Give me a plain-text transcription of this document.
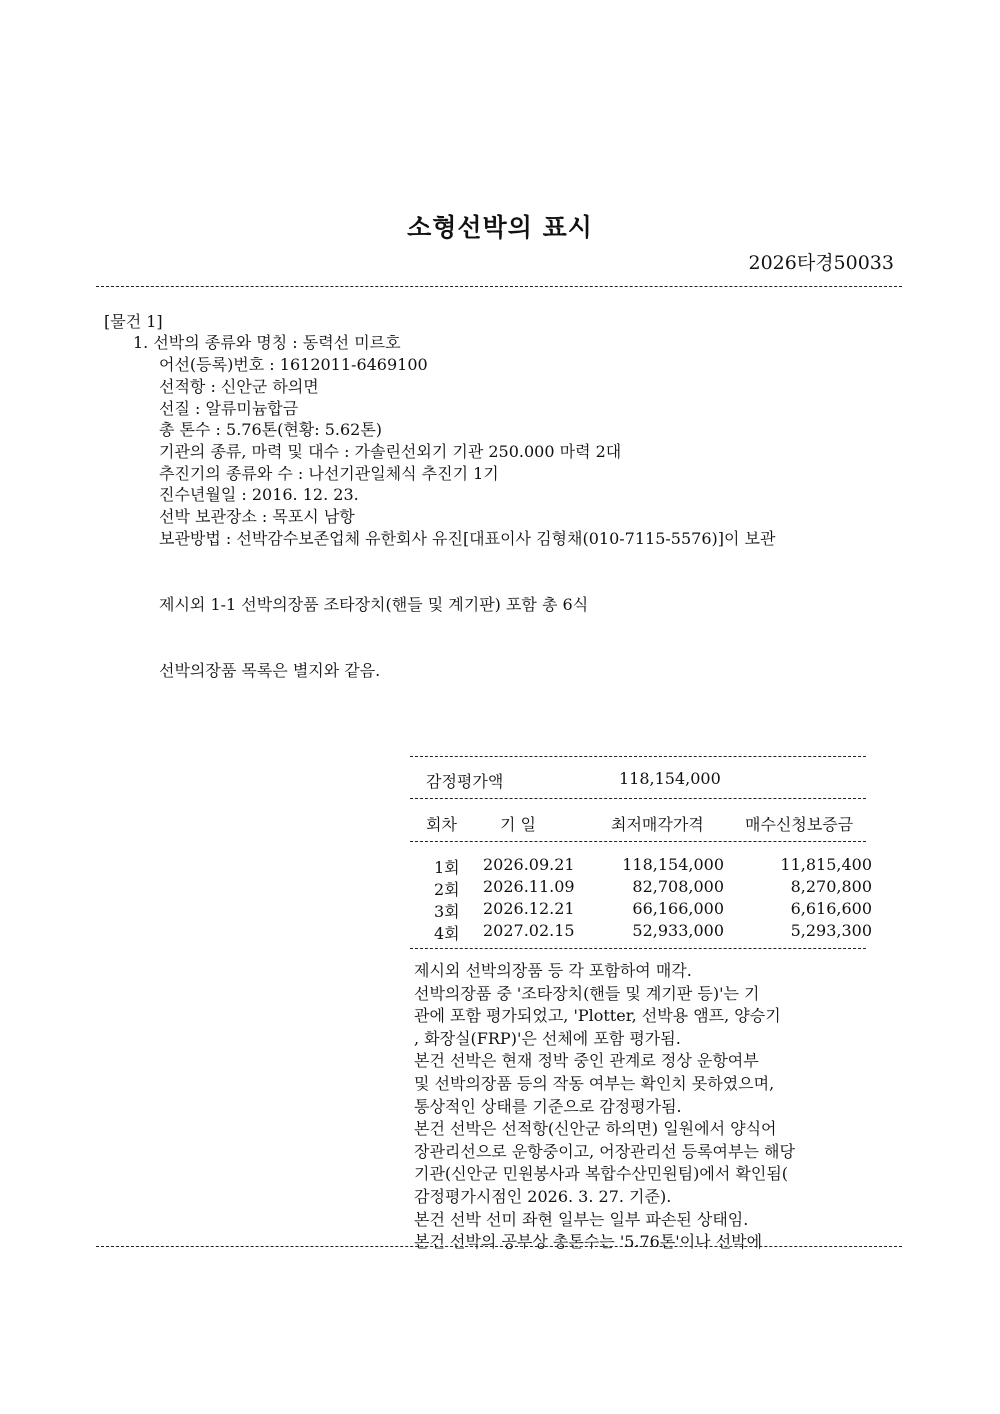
소형선박의 표시
2026타경50033
[물건 1]
1. 선박의 종류와 명칭 : 동력선 미르호
어선(등록)번호 : 1612011-6469100
선적항 : 신안군 하의면
선질 : 알류미늄합금
총 톤수 : 5.76톤(현황: 5.62톤)
기관의 종류, 마력 및 대수 : 가솔린선외기 기관 250.000 마력 2대
추진기의 종류와 수 : 나선기관일체식 추진기 1기
진수년월일 : 2016. 12. 23.
선박 보관장소 : 목포시 남항
보관방법 : 선박감수보존업체 유한회사 유진[대표이사 김형채(010-7115-5576)]이 보관
제시외 1-1 선박의장품 조타장치(핸들 및 계기판) 포함 총 6식
선박의장품 목록은 별지와 같음.
감정평가액	118,154,000
회차	기 일	최저매각가격	매수신청보증금
1회 2026.09.21	118,154,000	11,815,400
2회 2026.11.09	82,708,000	8,270,800
3회 2026.12.21	66,166,000	6,616,600
4회 2027.02.15	52,933,000	5,293,300

제시외 선박의장품 등 각 포함하여 매각.

선박의장품 중 '조타장치(핸들 및 계기판 등)'는 기

관에 포함 평가되었고, 'Plotter, 선박용 앰프, 양승기

, 화장실(FRP)'은 선체에 포함 평가됨.

본건 선박은 현재 정박 중인 관계로 정상 운항여부

및 선박의장품 등의 작동 여부는 확인치 못하였으며,

통상적인 상태를 기준으로 감정평가됨.

본건 선박은 선적항(신안군 하의면) 일원에서 양식어

장관리선으로 운항중이고, 어장관리선 등록여부는 해당

기관(신안군 민원봉사과 복합수산민원팀)에서 확인됨(

감정평가시점인 2026. 3. 27. 기준).

본건 선박 선미 좌현 일부는 일부 파손된 상태임.

본건 선박의 공부상 총톤수는 '5.76톤'이나 선박에
